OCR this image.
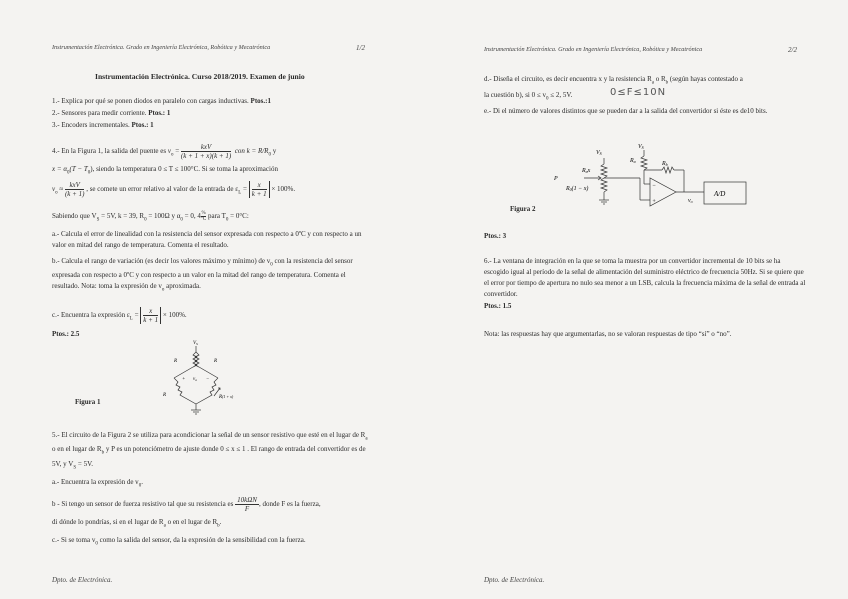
Instrumentación Electrónica. Grado en Ingeniería Electrónica, Robótica y Mecatrónica	1/2
Instrumentación Electrónica. Curso 2018/2019. Examen de junio
1.- Explica por qué se ponen diodos en paralelo con cargas inductivas. Ptos.:1
2.- Sensores para medir corriente. Ptos.: 1
3.- Encoders incrementales. Ptos.: 1
4.- En la Figura 1, la salida del puente es $v_o$ =
kxV
(k + 1 + x)(k + 1)
con $k = R/R_0$ y
$x = \alpha_0(T - T_0)$, siendo la temperatura 0 ≤ T ≤ 100°C. Si se toma la aproximación
$v_o$ ≈
kxV
(k + 1)
, se comete un error relativo al valor de la entrada de $\varepsilon_L = \frac{x}{k + 1} \times 100\%$.
Sabiendo que $V_S = 5V$, k = 39, $R_0 = 100\Omega$ y $\alpha_0 = 0$, 4 %
°C para $T_0 = 0^\circ C$:
a.- Calcula el error de linealidad con la resistencia del sensor expresada con respecto a 0ºC y con respecto a un valor en mitad del rango de temperatura. Comenta el resultado.
b.- Calcula el rango de variación (es decir los valores máximo y mínimo) de $v_0$ con la resistencia del sensor expresada con respecto a 0ºC y con respecto a un valor en la mitad del rango de temperatura. Comenta el resultado. Nota: toma la expresión de $v_o$ aproximada.
c.- Encuentra la expresión $\varepsilon_L = \frac{x}{k + 1} \times 100\%$.
Ptos.: 2.5
$V_S$
R	R
R	R(1 + x)
+	−
$v_o$
Figura 1
5.- El circuito de la Figura 2 se utiliza para acondicionar la señal de un sensor resistivo que esté en el lugar de $R_a$ o en el lugar de $R_b$ y P es un potenciómetro de ajuste donde 0 ≤ x ≤ 1 . El rango de entrada del convertidor es de 5V, y $V_S = 5V$.
a.- Encuentra la expresión de $v_0$.
b - Si tengo un sensor de fuerza resistivo tal que su resistencia es
10kΩN
F
, donde F es la fuerza,
di dónde lo pondrías, si en el lugar de $R_a$ o en el lugar de $R_b$.
c.- Si se toma $v_0$ como la salida del sensor, da la expresión de la sensibilidad con la fuerza.
Dpto. de Electrónica.
Instrumentación Electrónica. Grado en Ingeniería Electrónica, Robótica y Mecatrónica	2/2
d.- Diseña el circuito, es decir encuentra x y la resistencia $R_a$ o $R_b$ (según hayas contestado a
la cuestión b), si $0 \le v_0 \le 2$, 5V.	0≤F≤10N
e.- Di el número de valores distintos que se pueden dar a la salida del convertidor si éste es de10 bits.
VS
VS
Rax
Ra	Rb
P
R0(1 − x)
A/D
vo
−
+
Figura 2
Ptos.: 3
6.- La ventana de integración en la que se toma la muestra por un convertidor incremental de 10 bits se ha escogido igual al período de la señal de alimentación del suministro eléctrico de frecuencia 50Hz. Si se quiere que el error por tiempo de apertura no nulo sea menor a un LSB, calcula la frecuencia máxima de la señal de entrada al convertidor.
Ptos.: 1.5
Nota: las respuestas hay que argumentarlas, no se valoran respuestas de tipo “sí” o “no”.
Dpto. de Electrónica.
